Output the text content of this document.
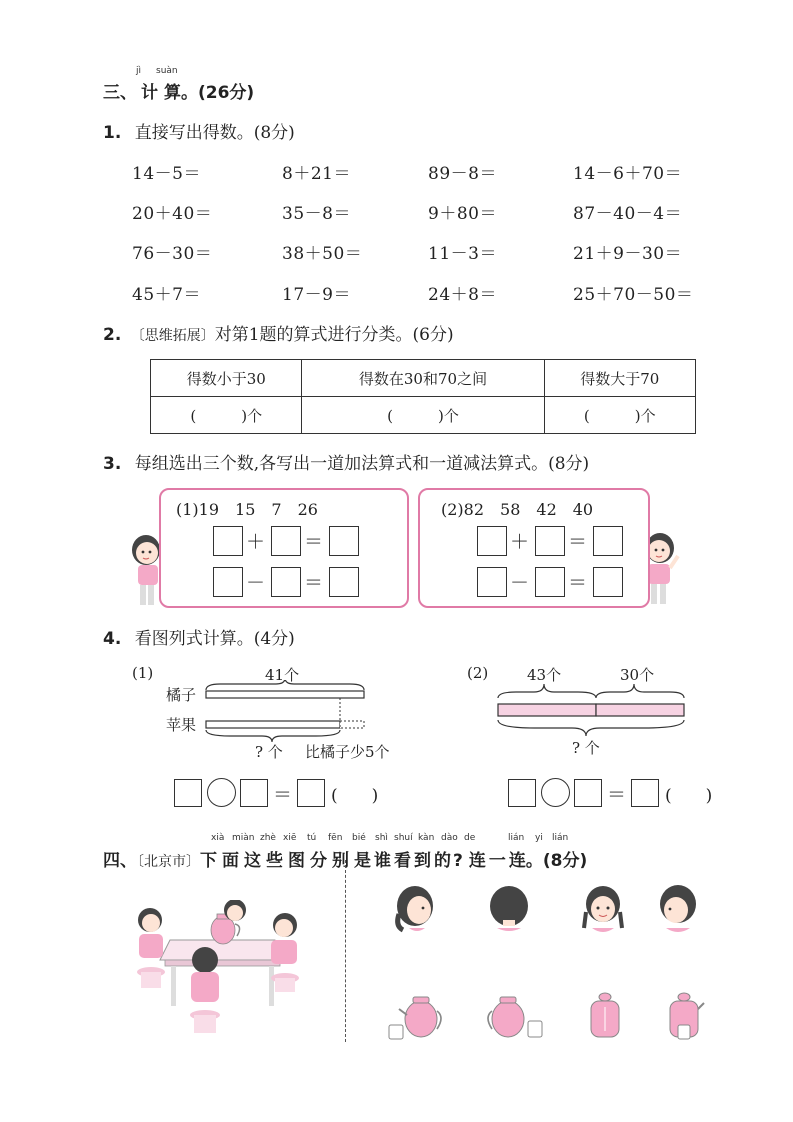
jì suàn
三、 计 算。(26分)
1. 直接写出得数。(8分)
14－5＝	8＋21＝	89－8＝	14－6＋70＝
20＋40＝	35－8＝	9＋80＝	87－40－4＝
76－30＝	38＋50＝	11－3＝	21＋9－30＝
45＋7＝	17－9＝	24＋8＝	25＋70－50＝
2. 〔思维拓展〕对第1题的算式进行分类。(6分)
得数小于30	得数在30和70之间	得数大于70
(　　　)个	(　　　)个	(　　　)个
3. 每组选出三个数,各写出一道加法算式和一道减法算式。(8分)
(1)19　15　7　26
＋ ＝
－ ＝
(2)82　58　42　40
＋ ＝
－ ＝
4. 看图列式计算。(4分)
(1)	41个
橘子
苹果
? 个 比橘子少5个
(2)	43个	30个
? 个
＝ (　　)	＝ (　　)
xià miàn zhè xiē tú fēn bié shì shuí kàn dào de	lián yi lián
四、〔北京市〕下 面 这 些 图 分 别 是 谁 看 到 的 ? 连 一 连。(8分)
